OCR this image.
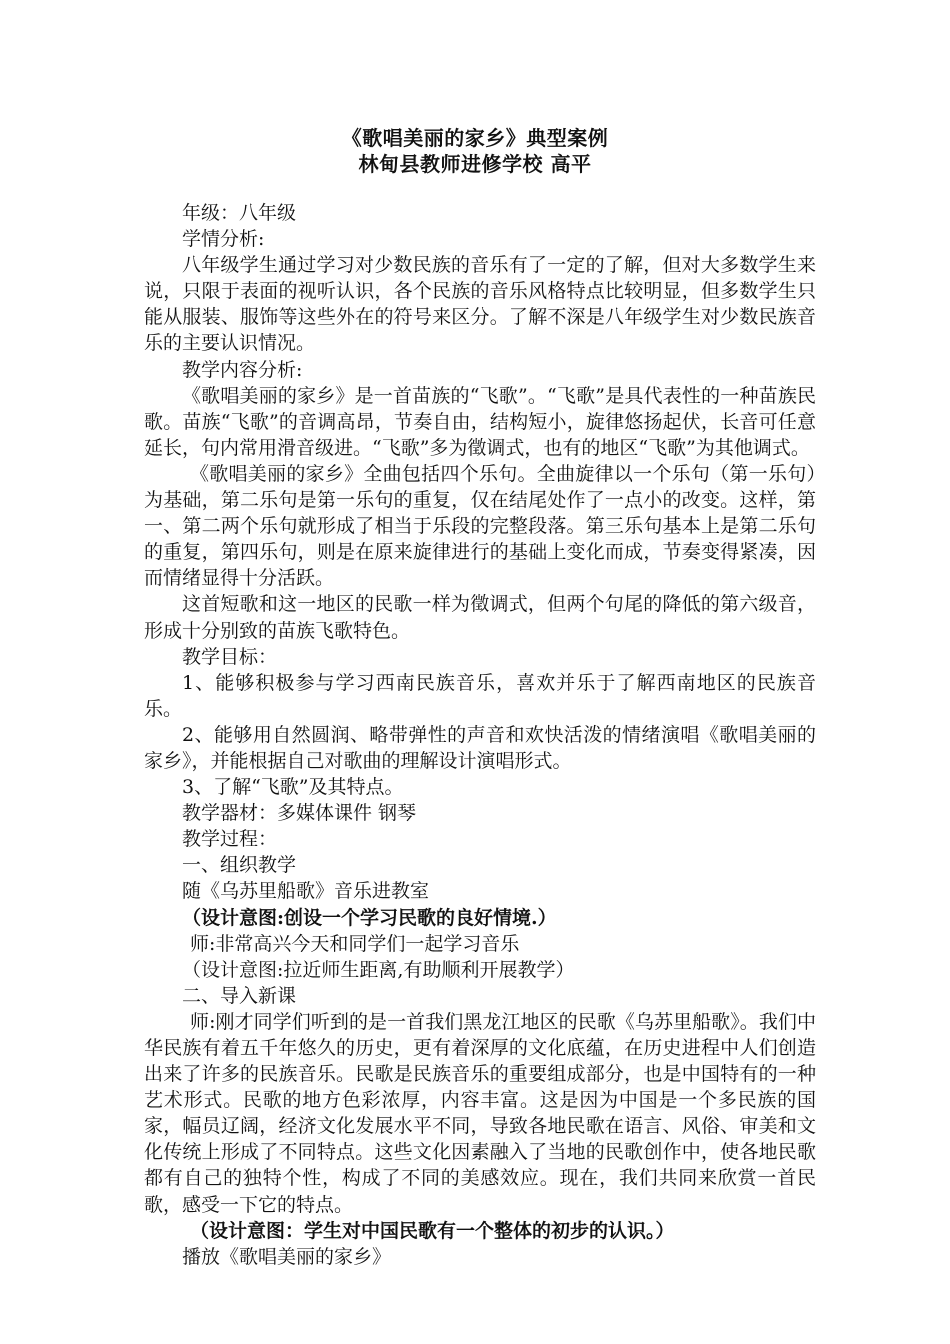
《歌唱美丽的家乡》典型案例
林甸县教师进修学校 高平

年级：八年级

学情分析:

八年级学生通过学习对少数民族的音乐有了一定的了解，但对大多数学生来说，只限于表面的视听认识，各个民族的音乐风格特点比较明显，但多数学生只能从服装、服饰等这些外在的符号来区分。了解不深是八年级学生对少数民族音乐的主要认识情况。

教学内容分析:

《歌唱美丽的家乡》是一首苗族的“飞歌”。“飞歌”是具代表性的一种苗族民歌。苗族“飞歌”的音调高昂，节奏自由，结构短小，旋律悠扬起伏，长音可任意延长，句内常用滑音级进。“飞歌”多为徵调式，也有的地区“飞歌”为其他调式。

《歌唱美丽的家乡》全曲包括四个乐句。全曲旋律以一个乐句（第一乐句）为基础，第二乐句是第一乐句的重复，仅在结尾处作了一点小的改变。这样，第一、第二两个乐句就形成了相当于乐段的完整段落。第三乐句基本上是第二乐句的重复，第四乐句，则是在原来旋律进行的基础上变化而成，节奏变得紧凑，因而情绪显得十分活跃。

这首短歌和这一地区的民歌一样为徵调式，但两个句尾的降低的第六级音，形成十分别致的苗族飞歌特色。

教学目标：

1、能够积极参与学习西南民族音乐，喜欢并乐于了解西南地区的民族音乐。

2、能够用自然圆润、略带弹性的声音和欢快活泼的情绪演唱《歌唱美丽的家乡》，并能根据自己对歌曲的理解设计演唱形式。

3、了解“飞歌”及其特点。

教学器材：多媒体课件 钢琴

教学过程：

一、组织教学

随《乌苏里船歌》音乐进教室

（设计意图:创设一个学习民歌的良好情境.）

师:非常高兴今天和同学们一起学习音乐

（设计意图:拉近师生距离,有助顺利开展教学）

二、导入新课

师:刚才同学们听到的是一首我们黑龙江地区的民歌《乌苏里船歌》。我们中华民族有着五千年悠久的历史，更有着深厚的文化底蕴，在历史进程中人们创造出来了许多的民族音乐。民歌是民族音乐的重要组成部分，也是中国特有的一种艺术形式。民歌的地方色彩浓厚，内容丰富。这是因为中国是一个多民族的国家，幅员辽阔，经济文化发展水平不同，导致各地民歌在语言、风俗、审美和文化传统上形成了不同特点。这些文化因素融入了当地的民歌创作中，使各地民歌都有自己的独特个性，构成了不同的美感效应。现在，我们共同来欣赏一首民歌，感受一下它的特点。

（设计意图：学生对中国民歌有一个整体的初步的认识。）

播放《歌唱美丽的家乡》
